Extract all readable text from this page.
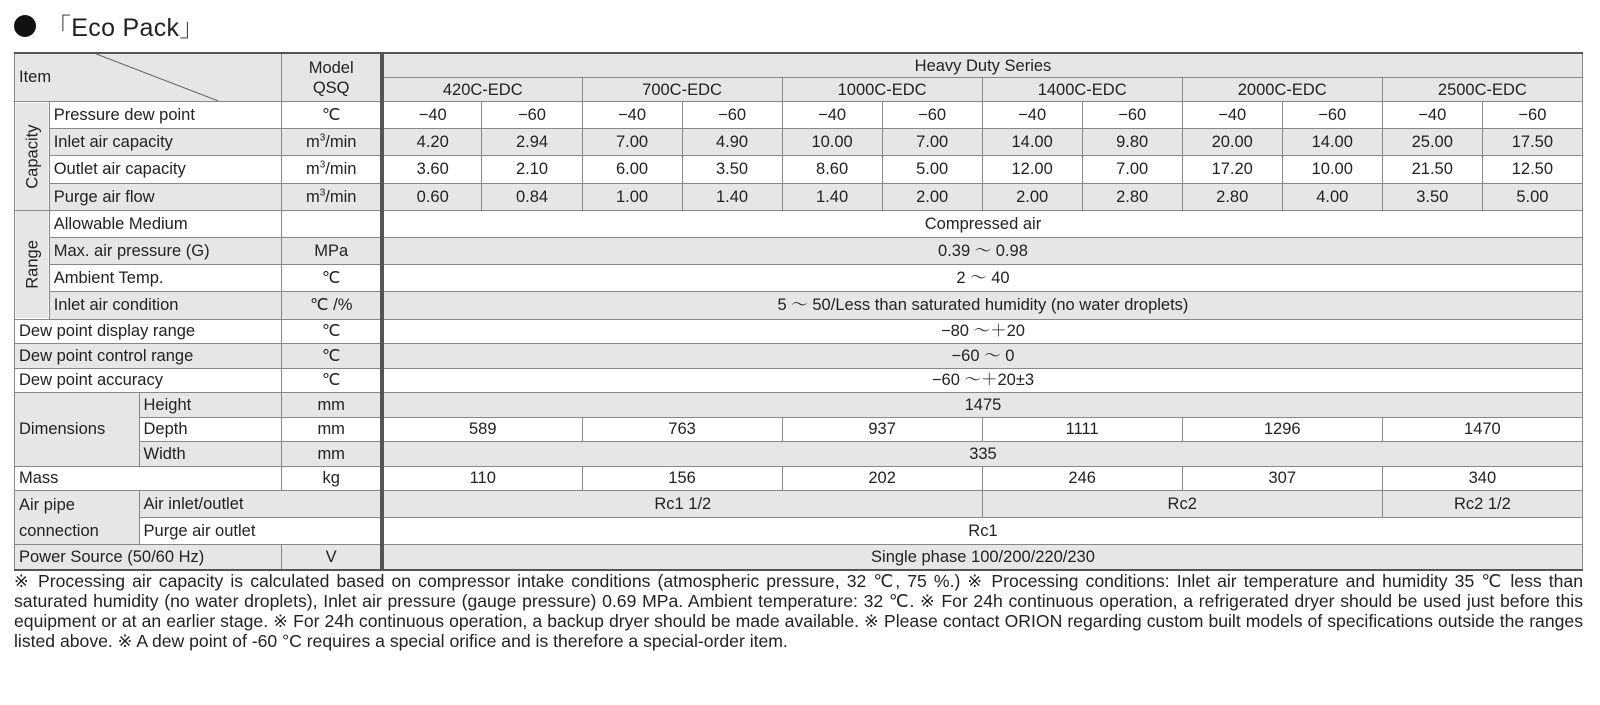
「Eco Pack」
Item			Model
QSQ	Heavy Duty Series											
				420C-EDC		700C-EDC		1000C-EDC		1400C-EDC		2000C-EDC		2500C-EDC	
Capacity	Pressure dew point		℃	−40	−60	−40	−60	−40	−60	−40	−60	−40	−60	−40	−60
	Inlet air capacity		$m^3/\min$	4.20	2.94	7.00	4.90	10.00	7.00	14.00	9.80	20.00	14.00	25.00	17.50
	Outlet air capacity		$m^3/\min$	3.60	2.10	6.00	3.50	8.60	5.00	12.00	7.00	17.20	10.00	21.50	12.50
	Purge air flow		$m^3/\min$	0.60	0.84	1.00	1.40	1.40	2.00	2.00	2.80	2.80	4.00	3.50	5.00
Range	Allowable Medium			Compressed air											
	Max. air pressure (G)		MPa	0.39 ～ 0.98											
	Ambient Temp.		℃	2 ～ 40											
	Inlet air condition		℃ /%	5 ～ 50/Less than saturated humidity (no water droplets)											
Dew point display range			℃	−80 ～＋20											
Dew point control range			℃	−60 ～ 0											
Dew point accuracy			℃	−60 ～＋20±3											
Dimensions		Height	mm	1475											
		Depth	mm	589		763		937		1111		1296		1470	
		Width	mm	335											
Mass			kg	110		156		202		246		307		340	
Air pipe
connection		Air inlet/outlet		Rc1 1/2						Rc2				Rc2 1/2	
		Purge air outlet		Rc1											
Power Source (50/60 Hz)			V	Single phase 100/200/220/230											
※ Processing air capacity is calculated based on compressor intake conditions (atmospheric pressure, 32 ℃, 75 %.) ※ Processing conditions: Inlet air temperature and humidity 35 ℃ less than saturated humidity (no water droplets), Inlet air pressure (gauge pressure) 0.69 MPa. Ambient temperature: 32 ℃. ※ For 24h continuous operation, a refrigerated dryer should be used just before this equipment or at an earlier stage. ※ For 24h continuous operation, a backup dryer should be made available. ※ Please contact ORION regarding custom built models of specifications outside the ranges listed above. ※ A dew point of -60 °C requires a special orifice and is therefore a special-order item.
